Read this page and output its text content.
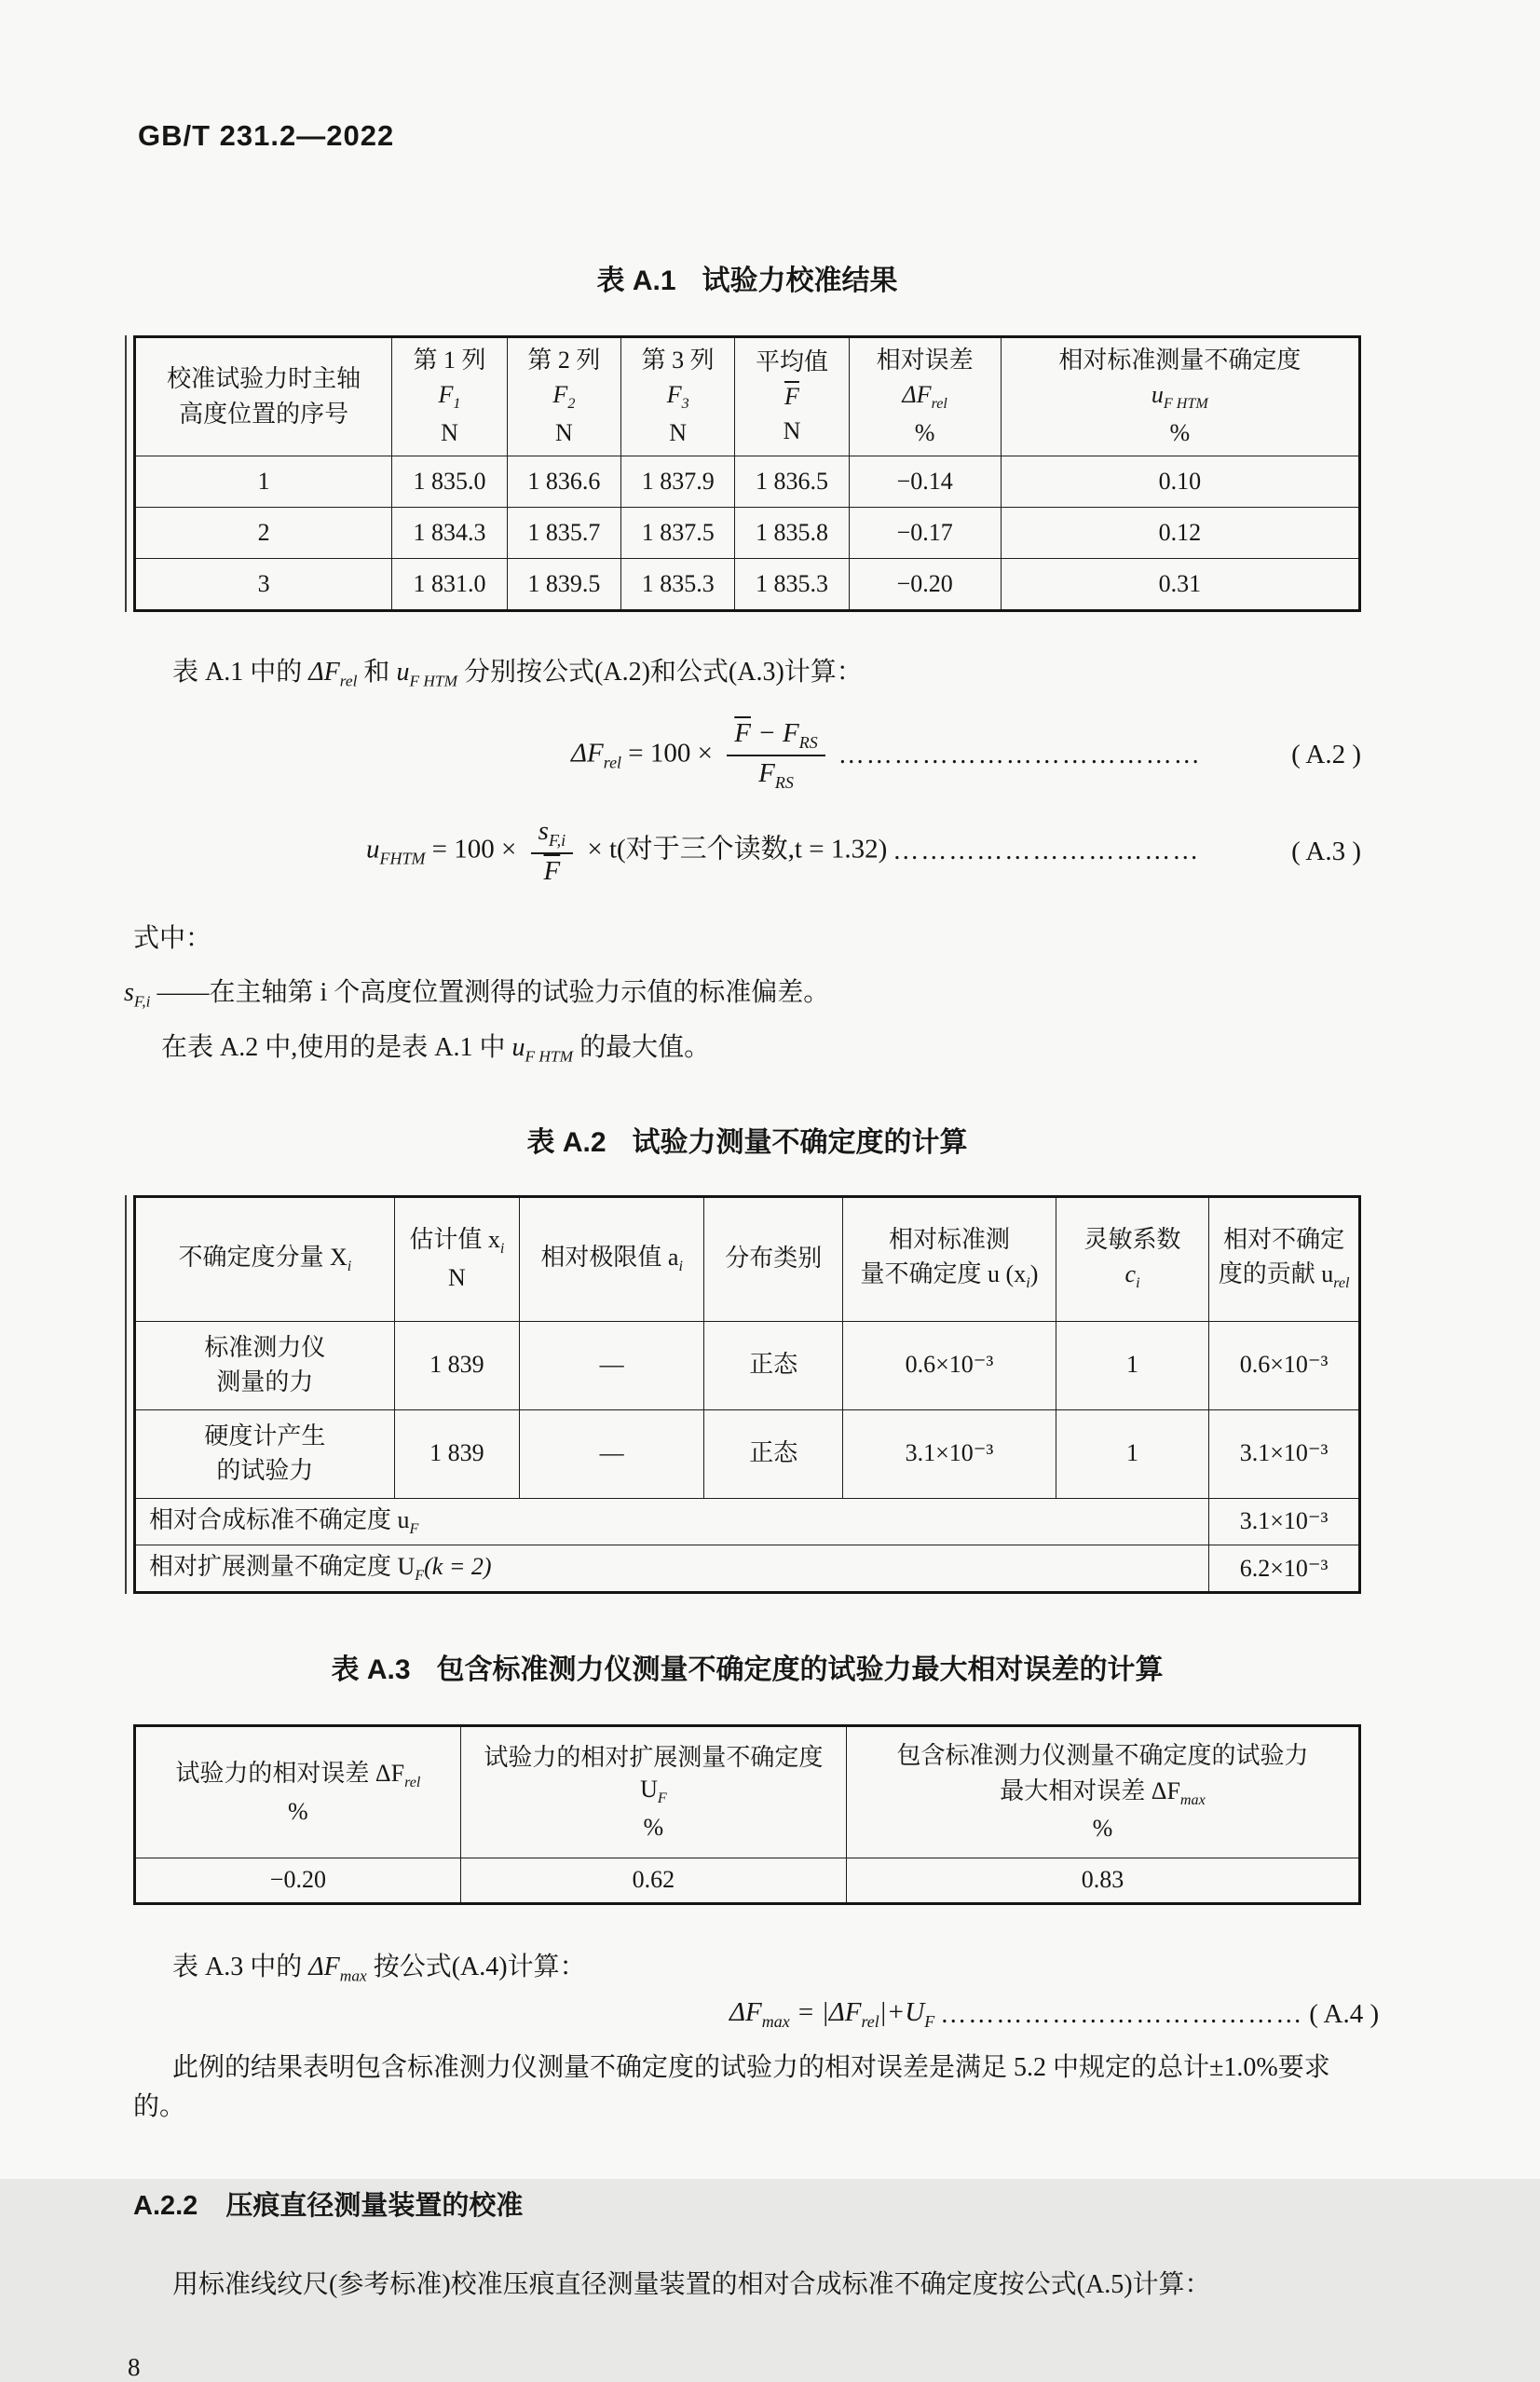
GB/T 231.2—2022
表 A.1 试验力校准结果
校准试验力时主轴
高度位置的序号	第 1 列
$F_1$
N	第 2 列
$F_2$
N	第 3 列
$F_3$
N	平均值
$\overline{F}$
N	相对误差
$\Delta F_{rel}$
%	相对标准测量不确定度
$u_{F HTM}$
%

1	1 835.0	1 836.6	1 837.9	1 836.5	−0.14	0.10
2	1 834.3	1 835.7	1 837.5	1 835.8	−0.17	0.12
3	1 831.0	1 839.5	1 835.3	1 835.3	−0.20	0.31

表 A.1 中的 $\Delta F_{rel}$ 和 $u_{F HTM}$ 分别按公式(A.2)和公式(A.3)计算：

$\Delta F_{rel} = 100 \times \frac{\overline{F} - F_{RS}}{F_{RS}}$ …………………………………	( A.2 )
$u_{FHTM} = 100 \times \frac{s_{F,i}}{F} \times t$(对于三个读数,t = 1.32) ……………………………	( A.3 )

式中：

$s_{F,i}$ ——在主轴第 i 个高度位置测得的试验力示值的标准偏差。

在表 A.2 中,使用的是表 A.1 中 $u_{F HTM}$ 的最大值。

表 A.2 试验力测量不确定度的计算
不确定度分量 $X_i$	估计值 $x_i$
N	相对极限值 $a_i$	分布类别	相对标准测
量不确定度 u $(x_i)$	灵敏系数
$c_i$	相对不确定
度的贡献 $u_{rel}$

标准测力仪
测量的力	1 839	—	正态	0.6×10⁻³	1	0.6×10⁻³

硬度计产生
的试验力	1 839	—	正态	3.1×10⁻³	1	3.1×10⁻³
相对合成标准不确定度 $u_F$						3.1×10⁻³
相对扩展测量不确定度 $U_F(k = 2)$						6.2×10⁻³
表 A.3 包含标准测力仪测量不确定度的试验力最大相对误差的计算
试验力的相对误差 $\Delta F_{rel}$
%	试验力的相对扩展测量不确定度 $U_F$
%	包含标准测力仪测量不确定度的试验力
最大相对误差 $\Delta F_{max}$
%

−0.20	0.62	0.83

表 A.3 中的 $\Delta F_{max}$ 按公式(A.4)计算：

$\Delta F_{max} = |\Delta F_{rel}|+U_F$ ………………………………… ( A.4 )

此例的结果表明包含标准测力仪测量不确定度的试验力的相对误差是满足 5.2 中规定的总计±1.0%要求的。

A.2.2 压痕直径测量装置的校准

用标准线纹尺(参考标准)校准压痕直径测量装置的相对合成标准不确定度按公式(A.5)计算：

8
